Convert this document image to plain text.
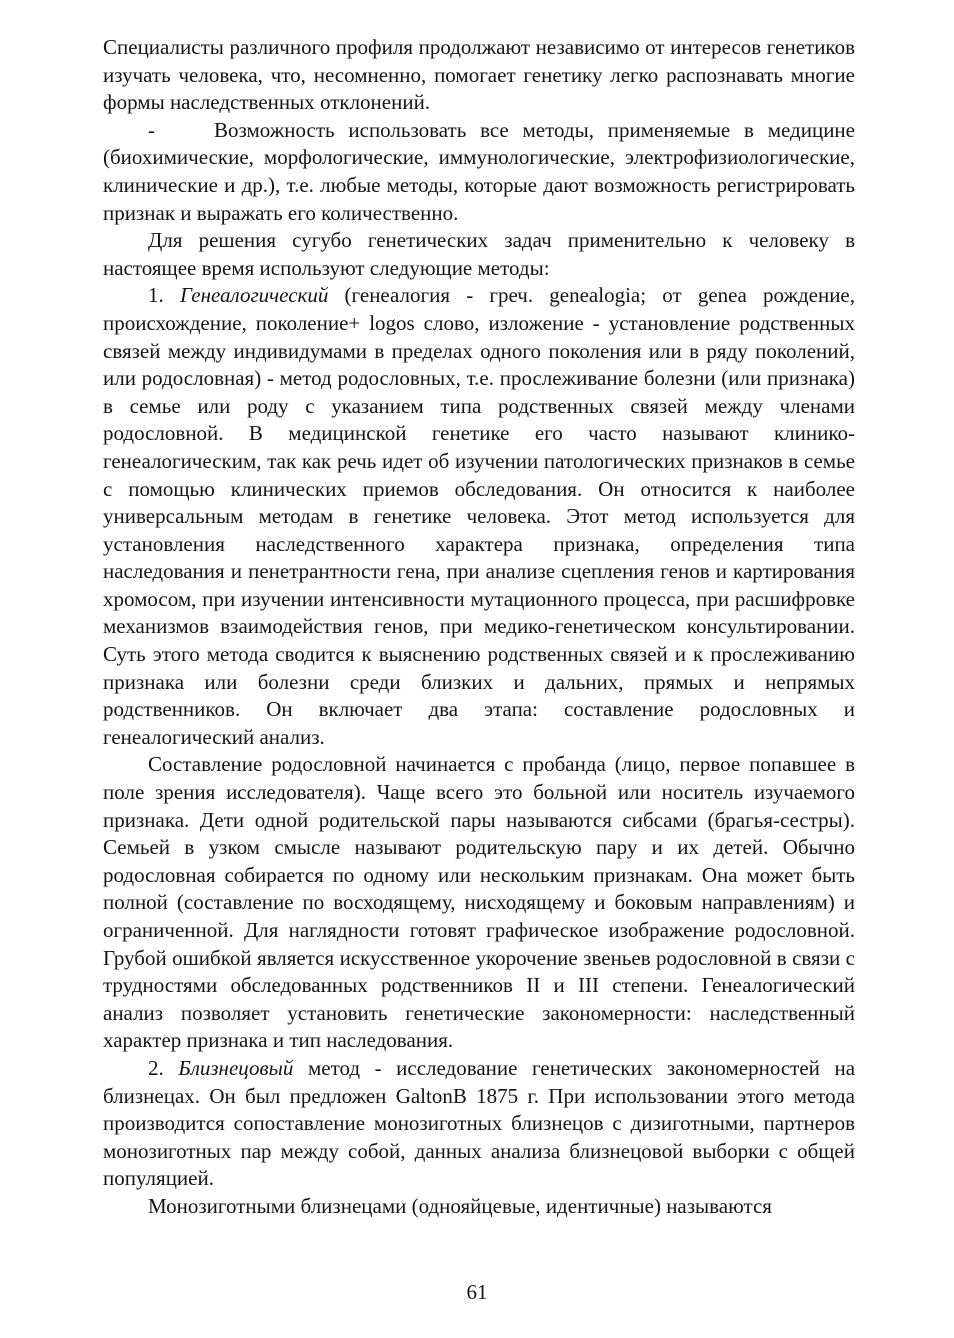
Специалисты различного профиля продолжают независимо от интересов генетиков изучать человека, что, несомненно, помогает генетику легко распознавать многие формы наследственных отклонений.

-	Возможность использовать все методы, применяемые в медицине (биохимические, морфологические, иммунологические, электрофизиологические, клинические и др.), т.е. любые методы, которые дают возможность регистрировать признак и выражать его количественно.

Для решения сугубо генетических задач применительно к человеку в настоящее время используют следующие методы:

1. Генеалогический (генеалогия - греч. genealogia; от genea рождение, происхождение, поколение+ logos слово, изложение - установление родственных связей между индивидумами в пределах одного поколения или в ряду поколений, или родословная) - метод родословных, т.е. прослеживание болезни (или признака) в семье или роду с указанием типа родственных связей между членами родословной. В медицинской генетике его часто называют клинико-генеалогическим, так как речь идет об изучении патологических признаков в семье с помощью клинических приемов обследования. Он относится к наиболее универсальным методам в генетике человека. Этот метод используется для установления наследственного характера признака, определения типа наследования и пенетрантности гена, при анализе сцепления генов и картирования хромосом, при изучении интенсивности мутационного процесса, при расшифровке механизмов взаимодействия генов, при медико-генетическом консультировании. Суть этого метода сводится к выяснению родственных связей и к прослеживанию признака или болезни среди близких и дальних, прямых и непрямых родственников. Он включает два этапа: составление родословных и генеалогический анализ.

Составление родословной начинается с пробанда (лицо, первое попавшее в поле зрения исследователя). Чаще всего это больной или носитель изучаемого признака. Дети одной родительской пары называются сибсами (брагья-сестры). Семьей в узком смысле называют родительскую пару и их детей. Обычно родословная собирается по одному или нескольким признакам. Она может быть полной (составление по восходящему, нисходящему и боковым направлениям) и ограниченной. Для наглядности готовят графическое изображение родословной. Грубой ошибкой является искусственное укорочение звеньев родословной в связи с трудностями обследованных родственников II и III степени. Генеалогический анализ позволяет установить генетические закономерности: наследственный характер признака и тип наследования.

2. Близнецовый метод - исследование генетических закономерностей на близнецах. Он был предложен GaltonВ 1875 г. При использовании этого метода производится сопоставление монозиготных близнецов с дизиготными, партнеров монозиготных пар между собой, данных анализа близнецовой выборки с общей популяцией.

Монозиготными близнецами (однояйцевые, идентичные) называются

61
